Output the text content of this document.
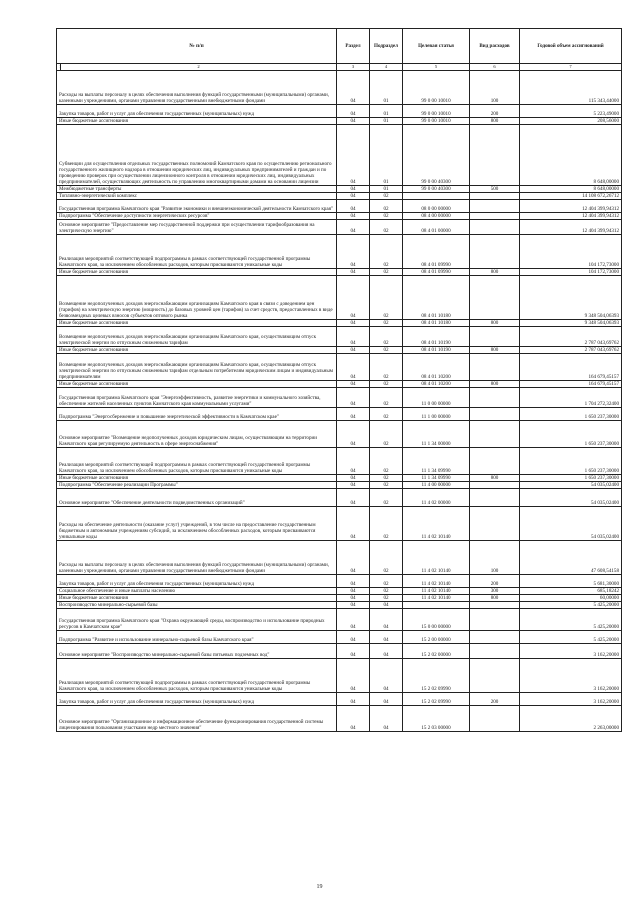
№ п/п		Раздел	Подраздел	Целевая статья	Вид расходов	Годовой объем ассигнований
1	2	3	4	5	6	7
Расходы на выплаты персоналу в целях обеспечения выполнения функций государственными (муниципальными) органами, казенными учреждениями, органами управления государственными внебюджетными фондами		04	01	99 0 00 10010	100	115 343,44000
Закупка товаров, работ и услуг для обеспечения государственных (муниципальных) нужд		04	01	99 0 00 10010	200	5 223,49000
Иные бюджетные ассигнования		04	01	99 0 00 10010	800	208,56000
Субвенции для осуществления отдельных государственных полномочий Камчатского края по осуществлению регионального государственного жилищного надзора в отношении юридических лиц, индивидуальных предпринимателей и граждан и по проведению проверок при осуществлении лицензионного контроля в отношении юридических лиц, индивидуальных предпринимателей, осуществляющих деятельность по управлению многоквартирными домами на основании лицензии		04	01	99 0 00 40300		8 648,00000
Межбюджетные трансферты		04	01	99 0 00 40300	500	8 648,00000
Топливно-энергетический комплекс		04	02			14 108 672,26712
Государственная программа Камчатского края "Развитие экономики и внешнеэкономической деятельности Камчатского края"		04	02	08 0 00 00000		12 404 399,94312
Подпрограмма "Обеспечение доступности энергетических ресурсов"		04	02	08 4 00 00000		12 404 399,94312
Основное мероприятие "Предоставление мер государственной поддержки при осуществлении тарифообразования на электрическую энергию"		04	02	08 4 01 00000		12 404 399,94312
Реализация мероприятий соответствующей подпрограммы в рамках соответствующей государственной программы Камчатского края, за исключением обособленных расходов, которым присваиваются уникальные коды		04	02	08 4 01 09990		104 172,73000
Иные бюджетные ассигнования		04	02	08 4 01 09990	800	104 172,73000
Возмещение недополученных доходов энергоснабжающим организациям Камчатского края в связи с доведением цен (тарифов) на электрическую энергию (мощность) до базовых уровней цен (тарифов) за счет средств, предоставленных в виде безвозмездных целевых взносов субъектов оптового рынка		04	02	08 4 01 10180		9 348 504,06393
Иные бюджетные ассигнования		04	02	08 4 01 10180	800	9 348 504,06393
Возмещение недополученных доходов энергоснабжающим организациям Камчатского края, осуществляющим отпуск электрической энергии по отпускным сниженным тарифам		04	02	08 4 01 10190		2 787 043,69762
Иные бюджетные ассигнования		04	02	08 4 01 10190	800	2 787 043,69762
Возмещение недополученных доходов энергоснабжающим организациям Камчатского края, осуществляющим отпуск электрической энергии по отпускным сниженным тарифам отдельным потребителям юридическим лицам и индивидуальным предпринимателям		04	02	08 4 01 10200		164 679,45157
Иные бюджетные ассигнования		04	02	08 4 01 10200	800	164 679,45157
Государственная программа Камчатского края "Энергоэффективность, развитие энергетики и коммунального хозяйства, обеспечение жителей населенных пунктов Камчатского края коммунальными услугами"		04	02	11 0 00 00000		1 704 272,32400
Подпрограмма "Энергосбережение и повышение энергетической эффективности в Камчатском крае"		04	02	11 1 00 00000		1 650 237,30000
Основное мероприятие "Возмещение недополученных доходов юридическим лицам, осуществляющим на территории Камчатского края регулируемую деятельность в сфере энергоснабжения"		04	02	11 1 34 00000		1 650 237,30000
Реализация мероприятий соответствующей подпрограммы в рамках соответствующей государственной программы Камчатского края, за исключением обособленных расходов, которым присваиваются уникальные коды		04	02	11 1 34 09990		1 650 237,30000
Иные бюджетные ассигнования		04	02	11 1 34 09990	800	1 650 237,30000
Подпрограмма "Обеспечение реализации Программы"		04	02	11 4 00 00000		54 035,02400
Основное мероприятие "Обеспечение деятельности подведомственных организаций"		04	02	11 4 02 00000		54 035,02400
Расходы на обеспечение деятельности (оказание услуг) учреждений, в том числе на предоставление государственным бюджетным и автономным учреждениям субсидий, за исключением обособленных расходов, которым присваиваются уникальные коды		04	02	11 4 02 10140		54 035,02400
Расходы на выплаты персоналу в целях обеспечения выполнения функций государственными (муниципальными) органами, казенными учреждениями, органами управления государственными внебюджетными фондами		04	02	11 4 02 10140	100	47 608,54158
Закупка товаров, работ и услуг для обеспечения государственных (муниципальных) нужд		04	02	11 4 02 10140	200	5 681,30000
Социальное обеспечение и иные выплаты населению		04	02	11 4 02 10140	300	685,18242
Иные бюджетные ассигнования		04	02	11 4 02 10140	800	60,00000
Воспроизводство минерально-сырьевой базы		04	04			5 425,20000
Государственная программа Камчатского края "Охрана окружающей среды, воспроизводство и использование природных ресурсов в Камчатском крае"		04	04	15 0 00 00000		5 425,20000
Подпрограмма "Развитие и использование минерально-сырьевой базы Камчатского края"		04	04	15 2 00 00000		5 425,20000
Основное мероприятие "Воспроизводство минерально-сырьевой базы питьевых подземных вод"		04	04	15 2 02 00000		3 162,20000
Реализация мероприятий соответствующей подпрограммы в рамках соответствующей государственной программы Камчатского края, за исключением обособленных расходов, которым присваиваются уникальные коды		04	04	15 2 02 09990		3 162,20000
Закупка товаров, работ и услуг для обеспечения государственных (муниципальных) нужд		04	04	15 2 02 09990	200	3 162,20000
Основное мероприятие "Организационное и информационное обеспечение функционирования государственной системы лицензирования пользования участками недр местного значения"		04	04	15 2 03 00000		2 263,00000
19
